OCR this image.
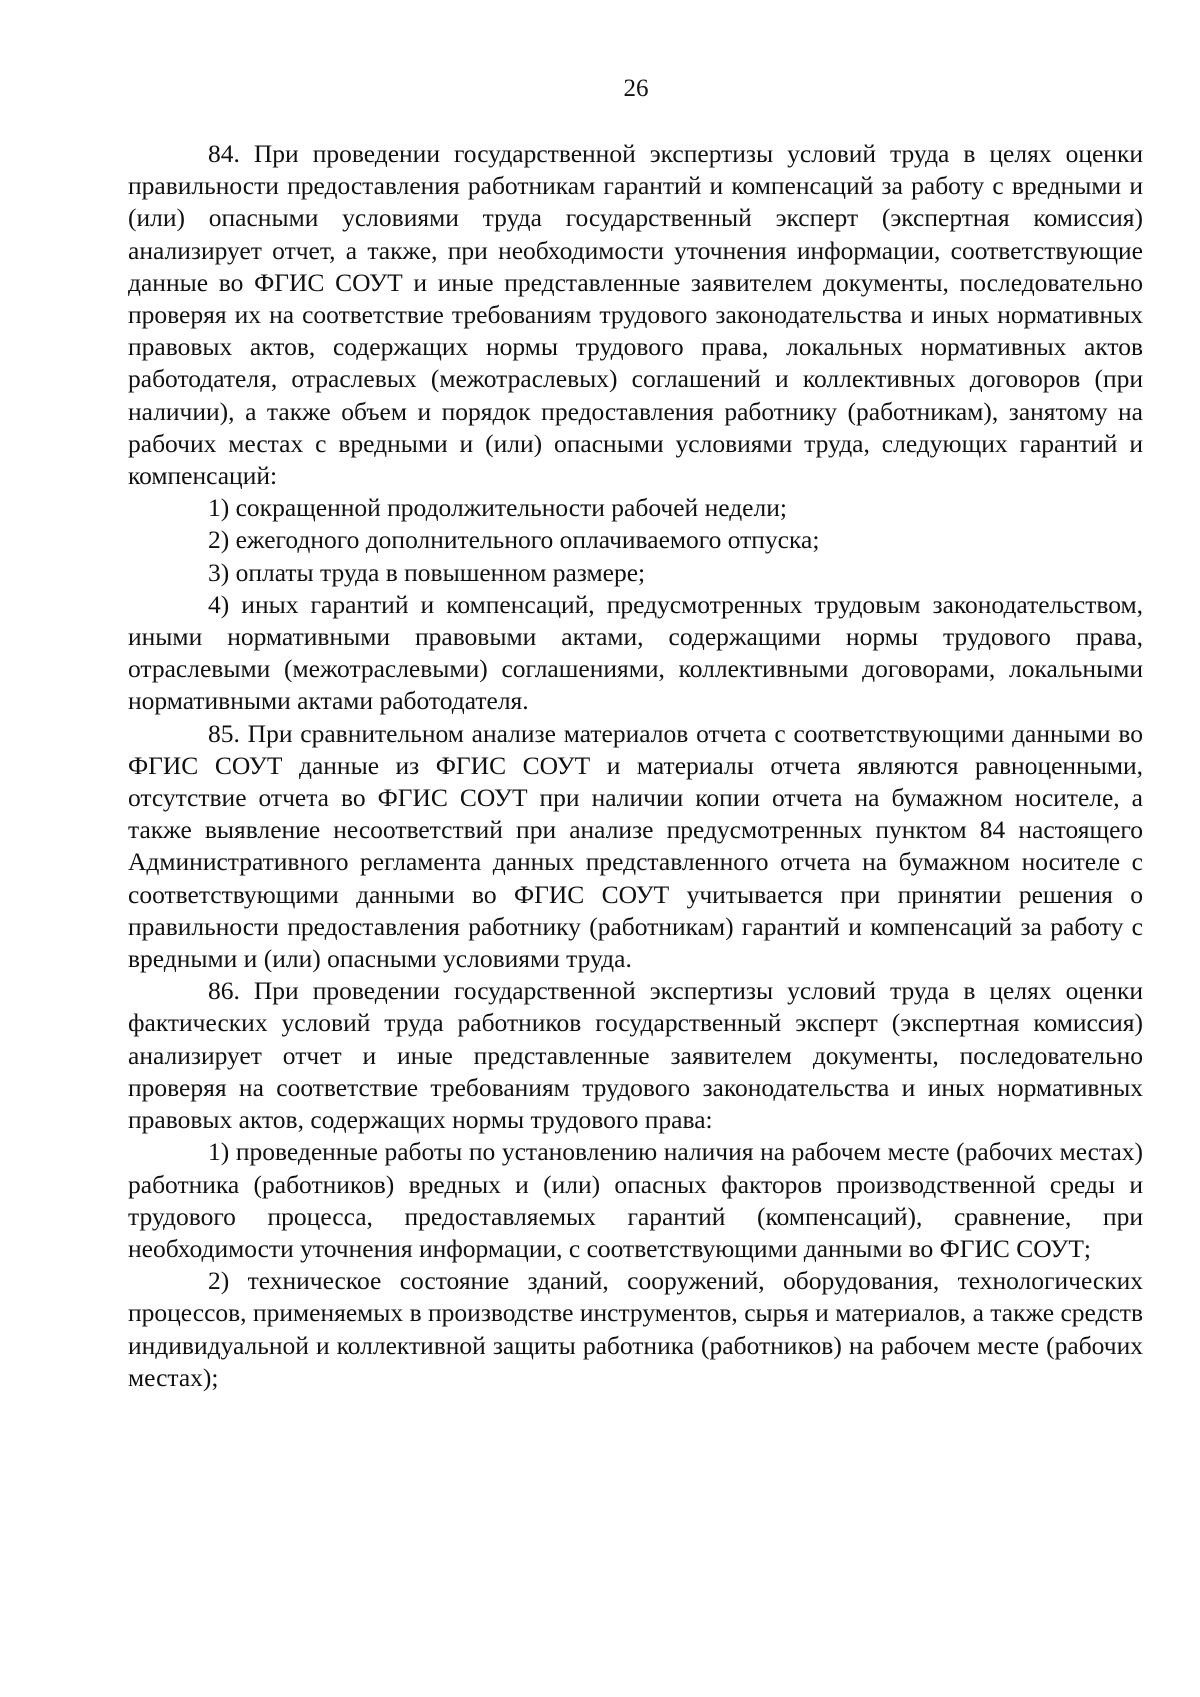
26

84. При проведении государственной экспертизы условий труда в целях оценки правильности предоставления работникам гарантий и компенсаций за работу с вредными и (или) опасными условиями труда государственный эксперт (экспертная комиссия) анализирует отчет, а также, при необходимости уточнения информации, соответствующие данные во ФГИС СОУТ и иные представленные заявителем документы, последовательно проверяя их на соответствие требованиям трудового законодательства и иных нормативных правовых актов, содержащих нормы трудового права, локальных нормативных актов работодателя, отраслевых (межотраслевых) соглашений и коллективных договоров (при наличии), а также объем и порядок предоставления работнику (работникам), занятому на рабочих местах с вредными и (или) опасными условиями труда, следующих гарантий и компенсаций:

1) сокращенной продолжительности рабочей недели;

2) ежегодного дополнительного оплачиваемого отпуска;

3) оплаты труда в повышенном размере;

4) иных гарантий и компенсаций, предусмотренных трудовым законодательством, иными нормативными правовыми актами, содержащими нормы трудового права, отраслевыми (межотраслевыми) соглашениями, коллективными договорами, локальными нормативными актами работодателя.

85. При сравнительном анализе материалов отчета с соответствующими данными во ФГИС СОУТ данные из ФГИС СОУТ и материалы отчета являются равноценными, отсутствие отчета во ФГИС СОУТ при наличии копии отчета на бумажном носителе, а также выявление несоответствий при анализе предусмотренных пунктом 84 настоящего Административного регламента данных представленного отчета на бумажном носителе с соответствующими данными во ФГИС СОУТ учитывается при принятии решения о правильности предоставления работнику (работникам) гарантий и компенсаций за работу с вредными и (или) опасными условиями труда.

86. При проведении государственной экспертизы условий труда в целях оценки фактических условий труда работников государственный эксперт (экспертная комиссия) анализирует отчет и иные представленные заявителем документы, последовательно проверяя на соответствие требованиям трудового законодательства и иных нормативных правовых актов, содержащих нормы трудового права:

1) проведенные работы по установлению наличия на рабочем месте (рабочих местах) работника (работников) вредных и (или) опасных факторов производственной среды и трудового процесса, предоставляемых гарантий (компенсаций), сравнение, при необходимости уточнения информации, с соответствующими данными во ФГИС СОУТ;

2) техническое состояние зданий, сооружений, оборудования, технологических процессов, применяемых в производстве инструментов, сырья и материалов, а также средств индивидуальной и коллективной защиты работника (работников) на рабочем месте (рабочих местах);
